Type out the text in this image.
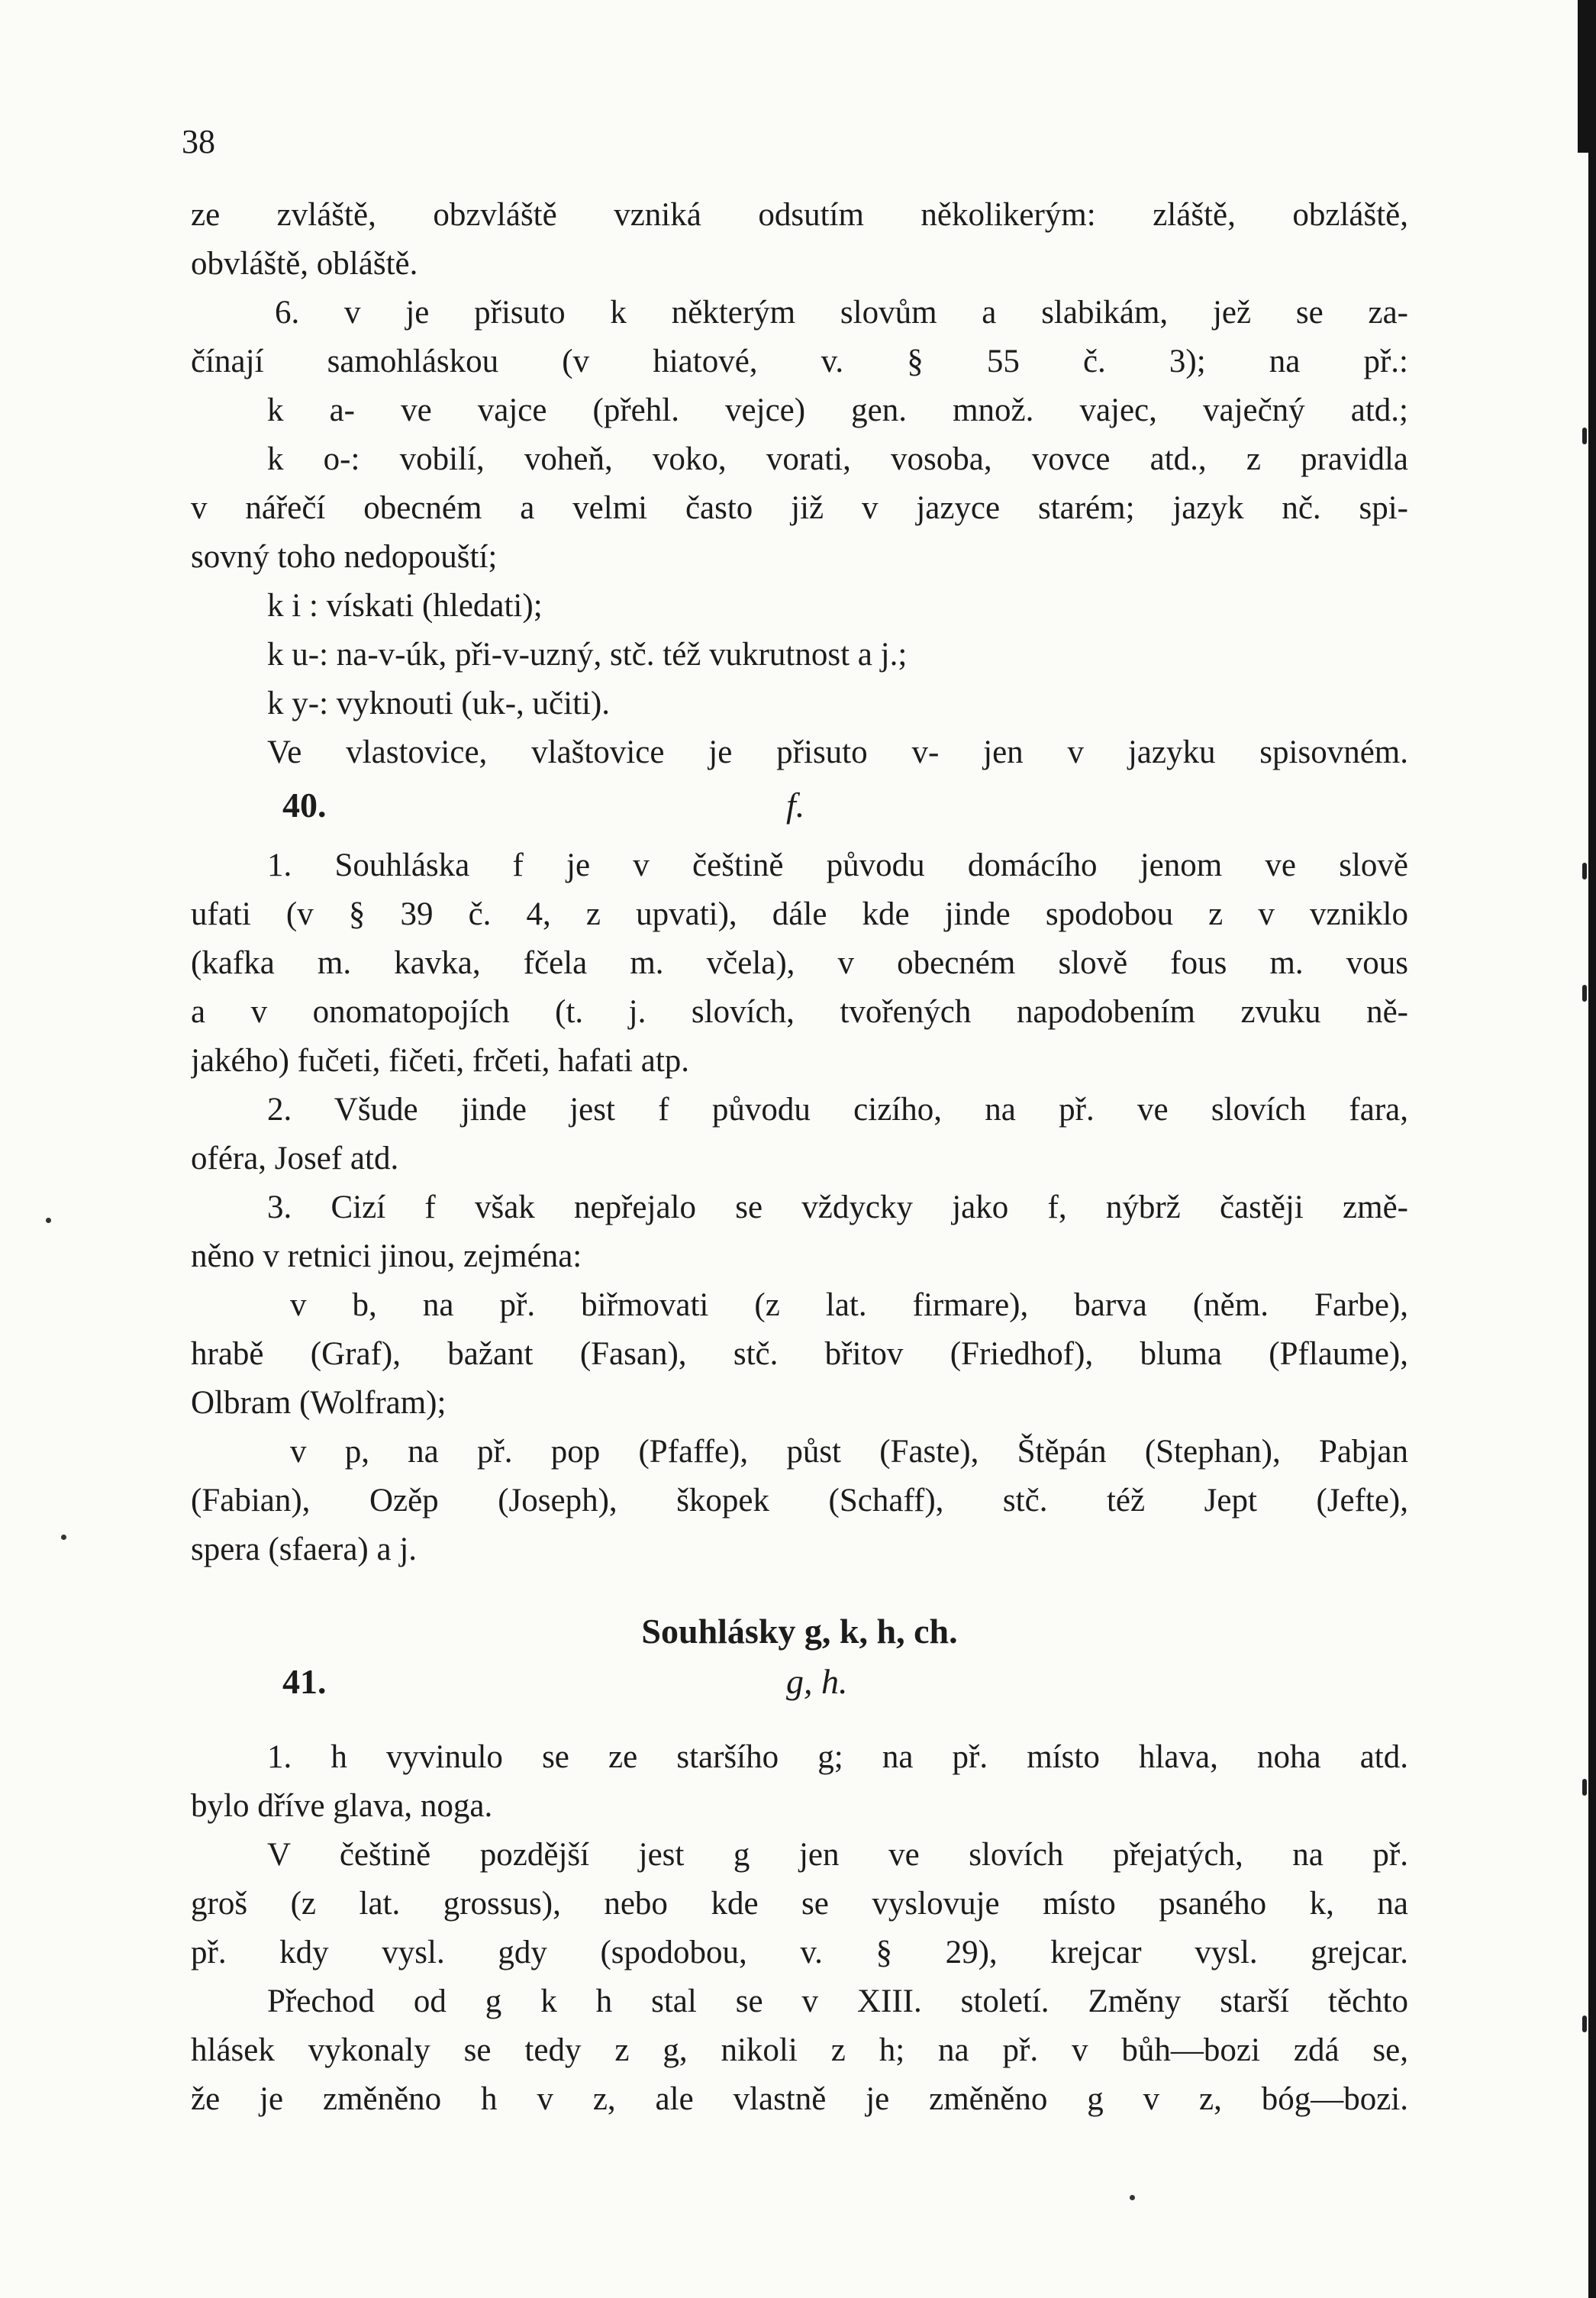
38
ze zvláště, obzvláště vzniká odsutím několikerým: zláště, obzláště,
obvláště, obláště.
6. v je přisuto k některým slovům a slabikám, jež se za-
čínají samohláskou (v hiatové, v. § 55 č. 3); na př.:
k a- ve vajce (přehl. vejce) gen. množ. vajec, vaječný atd.;
k o-: vobilí, voheň, voko, vorati, vosoba, vovce atd., z pravidla
v nářečí obecném a velmi často již v jazyce starém; jazyk nč. spi-
sovný toho nedopouští;
k i : vískati (hledati);
k u-: na-v-úk, při-v-uzný, stč. též vukrutnost a j.;
k y-: vyknouti (uk-, učiti).
Ve vlastovice, vlaštovice je přisuto v- jen v jazyku spisovném.
40.	f.
1. Souhláska f je v češtině původu domácího jenom ve slově
ufati (v § 39 č. 4, z upvati), dále kde jinde spodobou z v vzniklo
(kafka m. kavka, fčela m. včela), v obecném slově fous m. vous
a v onomatopojích (t. j. slovích, tvořených napodobením zvuku ně-
jakého) fučeti, fičeti, frčeti, hafati atp.
2. Všude jinde jest f původu cizího, na př. ve slovích fara,
oféra, Josef atd.
3. Cizí f však nepřejalo se vždycky jako f, nýbrž častěji změ-
něno v retnici jinou, zejména:
v b, na př. biřmovati (z lat. firmare), barva (něm. Farbe),
hrabě (Graf), bažant (Fasan), stč. břitov (Friedhof), bluma (Pflaume),
Olbram (Wolfram);
v p, na př. pop (Pfaffe), půst (Faste), Štěpán (Stephan), Pabjan
(Fabian), Ozěp (Joseph), škopek (Schaff), stč. též Jept (Jefte),
spera (sfaera) a j.
Souhlásky g, k, h, ch.
41.	g, h.
1. h vyvinulo se ze staršího g; na př. místo hlava, noha atd.
bylo dříve glava, noga.
V češtině pozdější jest g jen ve slovích přejatých, na př.
groš (z lat. grossus), nebo kde se vyslovuje místo psaného k, na
př. kdy vysl. gdy (spodobou, v. § 29), krejcar vysl. grejcar.
Přechod od g k h stal se v XIII. století. Změny starší těchto
hlásek vykonaly se tedy z g, nikoli z h; na př. v bůh—bozi zdá se,
že je změněno h v z, ale vlastně je změněno g v z, bóg—bozi.
